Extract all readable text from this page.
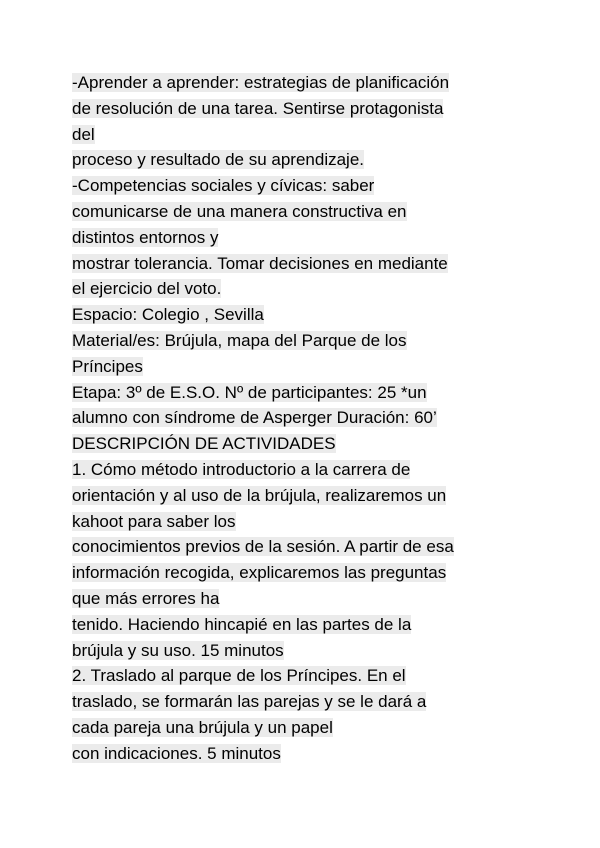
-Aprender a aprender: estrategias de planificación
de resolución de una tarea. Sentirse protagonista
del
proceso y resultado de su aprendizaje.
-Competencias sociales y cívicas: saber
comunicarse de una manera constructiva en
distintos entornos y
mostrar tolerancia. Tomar decisiones en mediante
el ejercicio del voto.
Espacio: Colegio , Sevilla
Material/es: Brújula, mapa del Parque de los
Príncipes
Etapa: 3º de E.S.O. Nº de participantes: 25 *un
alumno con síndrome de Asperger Duración: 60’
DESCRIPCIÓN DE ACTIVIDADES
1. Cómo método introductorio a la carrera de
orientación y al uso de la brújula, realizaremos un
kahoot para saber los
conocimientos previos de la sesión. A partir de esa
información recogida, explicaremos las preguntas
que más errores ha
tenido. Haciendo hincapié en las partes de la
brújula y su uso. 15 minutos
2. Traslado al parque de los Príncipes. En el
traslado, se formarán las parejas y se le dará a
cada pareja una brújula y un papel
con indicaciones. 5 minutos
